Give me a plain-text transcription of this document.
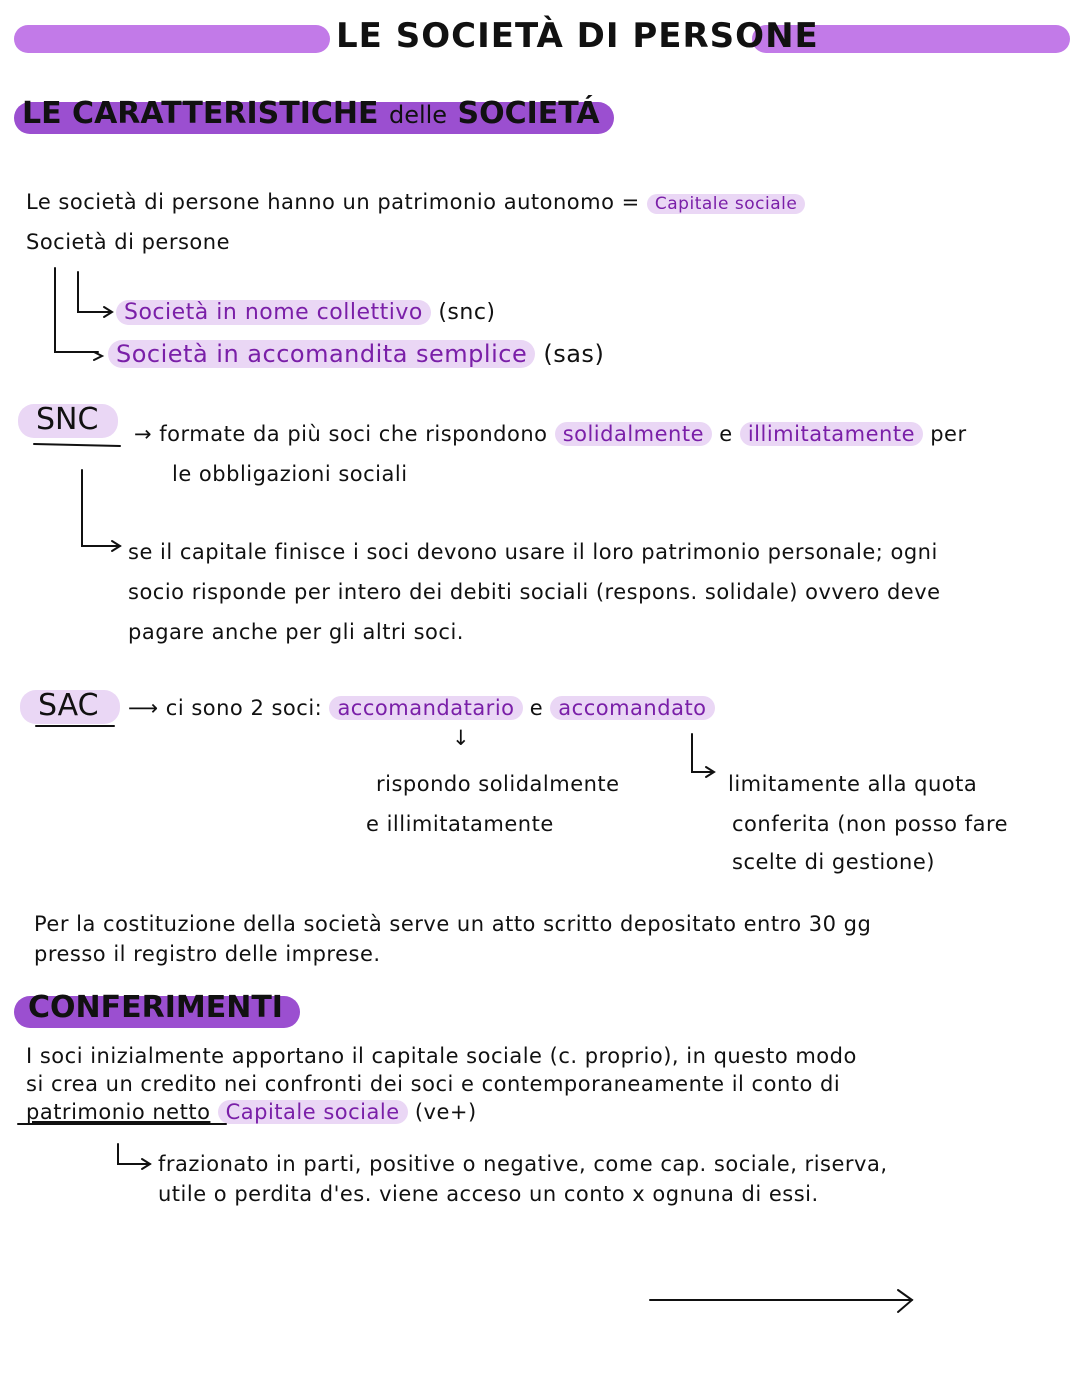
LE SOCIETÀ DI PERSONE
LE CARATTERISTICHE delle SOCIETÁ
Le società di persone hanno un patrimonio autonomo = Capitale sociale
Società di persone
Società in nome collettivo (snc)
Società in accomandita semplice (sas)
SNC → formate da più soci che rispondono solidalmente e illimitatamente per
le obbligazioni sociali
se il capitale finisce i soci devono usare il loro patrimonio personale; ogni
socio risponde per intero dei debiti sociali (respons. solidale) ovvero deve
pagare anche per gli altri soci.
SAC ⟶ ci sono 2 soci: accomandatario e accomandato
↓
rispondo solidalmente
e illimitatamente
limitamente alla quota
conferita (non posso fare
scelte di gestione)
Per la costituzione della società serve un atto scritto depositato entro 30 gg
presso il registro delle imprese.
CONFERIMENTI
I soci inizialmente apportano il capitale sociale (c. proprio), in questo modo
si crea un credito nei confronti dei soci e contemporaneamente il conto di
patrimonio netto Capitale sociale (ve+)
frazionato in parti, positive o negative, come cap. sociale, riserva,
utile o perdita d'es. viene acceso un conto x ognuna di essi.
